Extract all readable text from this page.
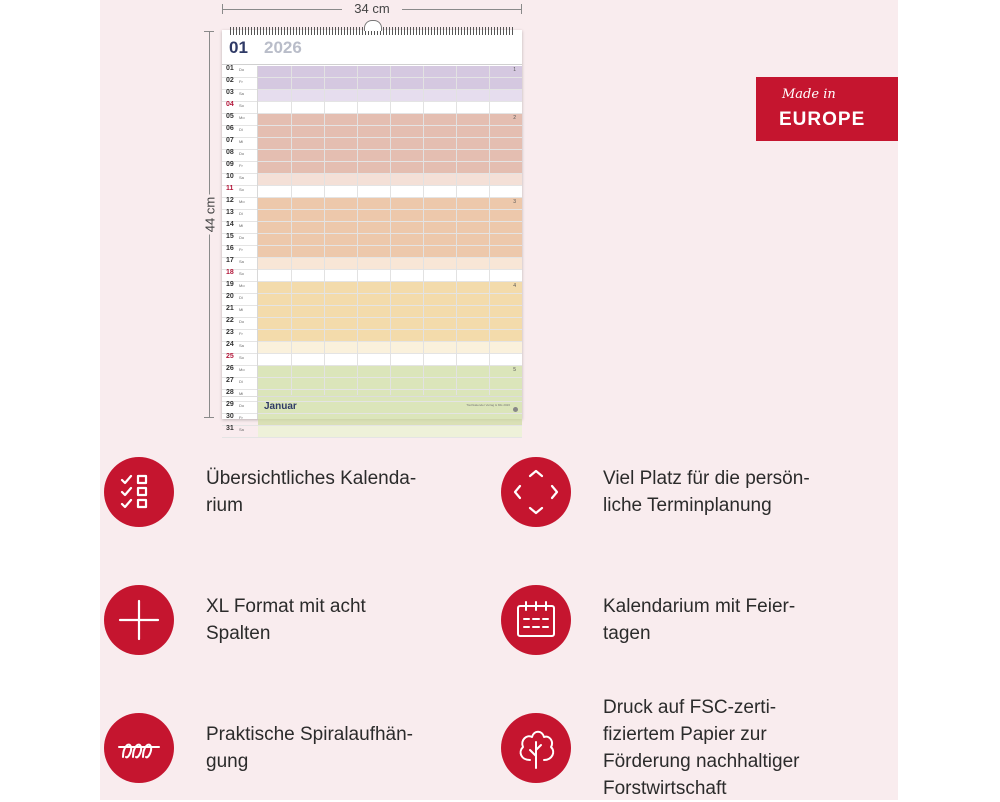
34 cm
44 cm
01 2026
01 Do	1
02 Fr
03 Sa
04 So
05 Mo	2
06 Di
07 Mi
08 Do
09 Fr
10 Sa
11 So
12 Mo	3
13 Di
14 Mi
15 Do
16 Fr
17 Sa
18 So
19 Mo	4
20 Di
21 Mi
22 Do
23 Fr
24 Sa
25 So
26 Mo	5
27 Di
28 Mi
29 Do
30 Fr
31 Sa
Januar	Tischkalender Verlag & Mls 2026
Made in
EUROPE
Übersichtliches Kalenda-
rium
Viel Platz für die persön-
liche Terminplanung
XL Format mit acht
Spalten
Kalendarium mit Feier-
tagen
Praktische Spiralaufhän-
gung
Druck auf FSC-zerti-
fiziertem Papier zur
Förderung nachhaltiger
Forstwirtschaft
